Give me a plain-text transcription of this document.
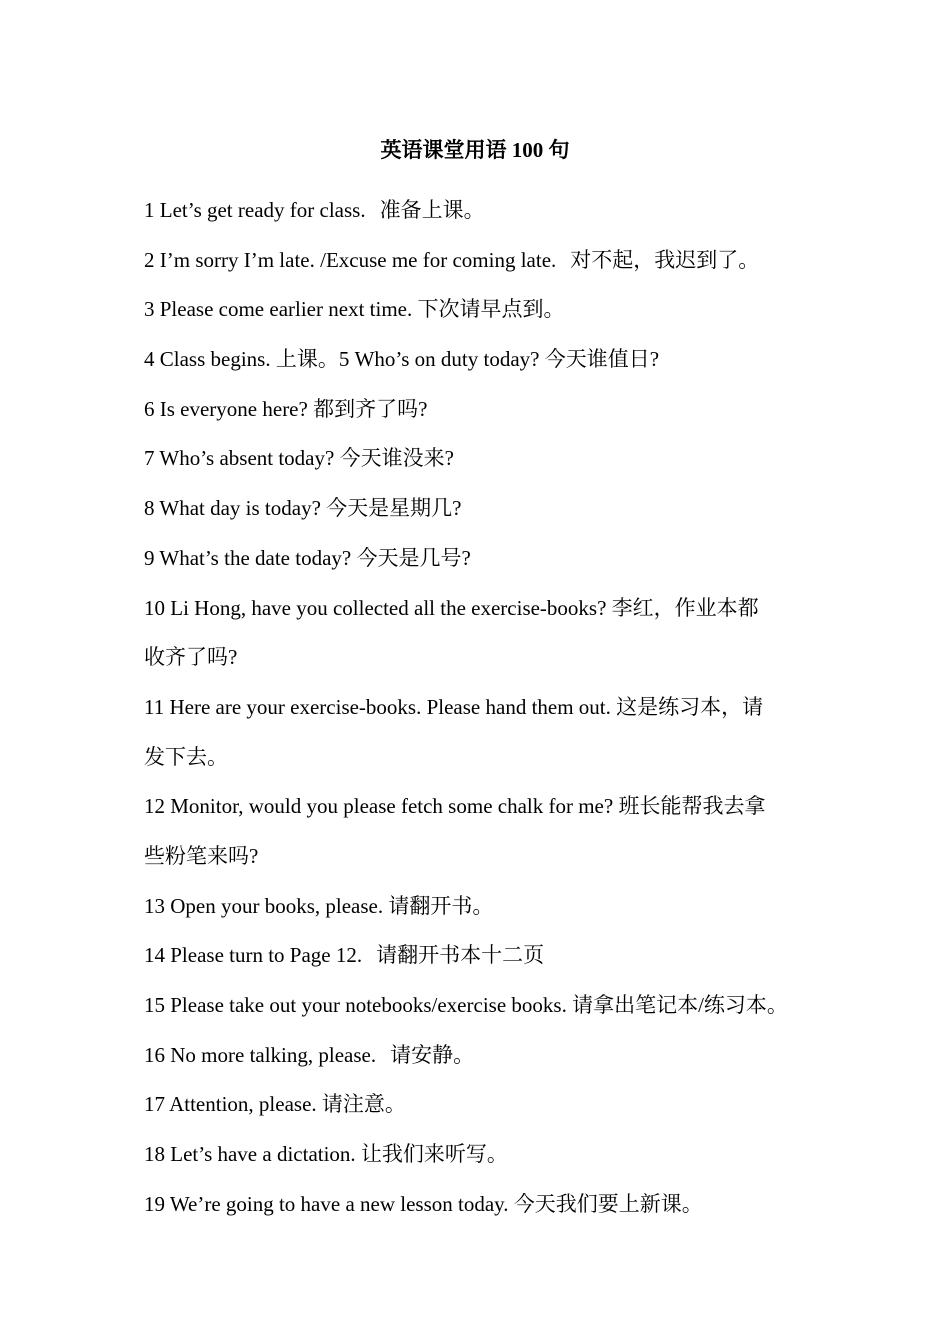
英语课堂用语 100 句

1 Let’s get ready for class. 准备上课。

2 I’m sorry I’m late. /Excuse me for coming late. 对不起，我迟到了。

3 Please come earlier next time. 下次请早点到。

4 Class begins. 上课。5 Who’s on duty today? 今天谁值日?

6 Is everyone here? 都到齐了吗?

7 Who’s absent today? 今天谁没来?

8 What day is today? 今天是星期几?

9 What’s the date today? 今天是几号?

10 Li Hong, have you collected all the exercise-books? 李红，作业本都

收齐了吗?

11 Here are your exercise-books. Please hand them out. 这是练习本，请

发下去。

12 Monitor, would you please fetch some chalk for me? 班长能帮我去拿

些粉笔来吗?

13 Open your books, please. 请翻开书。

14 Please turn to Page 12. 请翻开书本十二页

15 Please take out your notebooks/exercise books. 请拿出笔记本/练习本。

16 No more talking, please. 请安静。

17 Attention, please. 请注意。

18 Let’s have a dictation. 让我们来听写。

19 We’re going to have a new lesson today. 今天我们要上新课。
